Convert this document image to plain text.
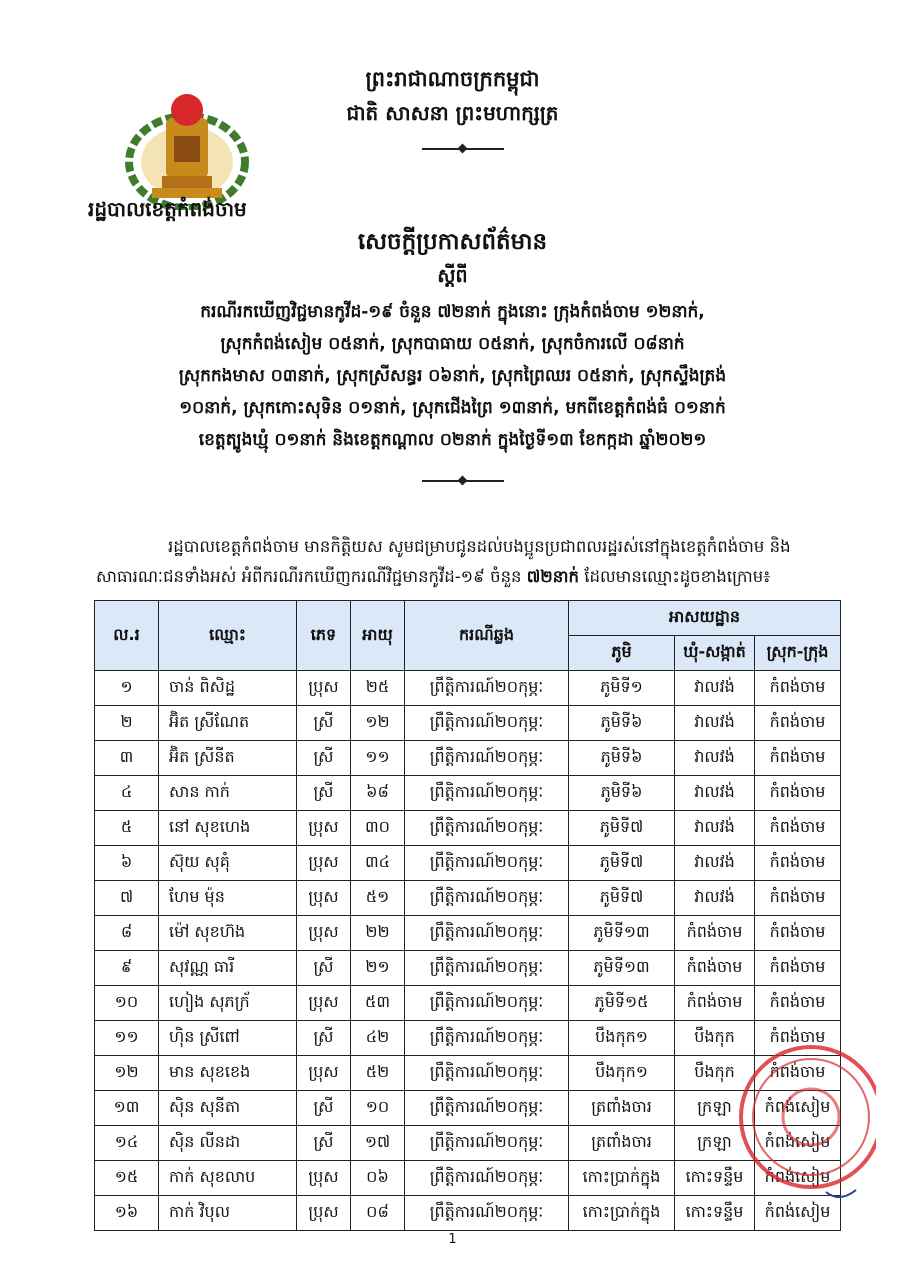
រដ្ឋបាលខេត្តកំពង់ចាម
ព្រះរាជាណាចក្រកម្ពុជា
ជាតិ សាសនា ព្រះមហាក្សត្រ
សេចក្ដីប្រកាសព័ត៌មាន
ស្ដីពី
ករណីរកឃើញវិជ្ជមានកូវីដ-១៩ ចំនួន ៧២នាក់ ក្នុងនោះ ក្រុងកំពង់ចាម ១២នាក់,
ស្រុកកំពង់សៀម ០៥នាក់, ស្រុកបាធាយ ០៥នាក់, ស្រុកចំការលើ ០៨នាក់
ស្រុកកងមាស ០៣នាក់, ស្រុកស្រីសន្ធរ ០៦នាក់, ស្រុកព្រៃឈរ ០៥នាក់, ស្រុកស្ទឹងត្រង់
១០នាក់, ស្រុកកោះសុទិន ០១នាក់, ស្រុកជើងព្រៃ ១៣នាក់, មកពីខេត្តកំពង់ធំ ០១នាក់
ខេត្តត្បូងឃ្មុំ ០១នាក់ និងខេត្តកណ្ដាល ០២នាក់ ក្នុងថ្ងៃទី១៣ ខែកក្កដា ឆ្នាំ២០២១
រដ្ឋបាលខេត្តកំពង់ចាម មានកិត្តិយស សូមជម្រាបជូនដល់បងប្អូនប្រជាពលរដ្ឋរស់នៅក្នុងខេត្តកំពង់ចាម និងសាធារណៈជនទាំងអស់ អំពីករណីរកឃើញករណីវិជ្ជមានកូវីដ-១៩ ចំនួន ៧២នាក់ ដែលមានឈ្មោះដូចខាងក្រោម៖
ល.រ	ឈ្មោះ	ភេទ	អាយុ	ករណីឆ្លង	អាសយដ្ឋាន		
					ភូមិ	ឃុំ-សង្កាត់	ស្រុក-ក្រុង
១	ចាន់ ពិសិដ្ឋ	ប្រុស	២៥	ព្រឹត្តិការណ៍២០កុម្ភៈ	ភូមិទី១	វាលវង់	កំពង់ចាម
២	អ៊ិត ស្រីណែត	ស្រី	១២	ព្រឹត្តិការណ៍២០កុម្ភៈ	ភូមិទី៦	វាលវង់	កំពង់ចាម
៣	អ៊ិត ស្រីនីត	ស្រី	១១	ព្រឹត្តិការណ៍២០កុម្ភៈ	ភូមិទី៦	វាលវង់	កំពង់ចាម
៤	សាន កាក់	ស្រី	៦៨	ព្រឹត្តិការណ៍២០កុម្ភៈ	ភូមិទី៦	វាលវង់	កំពង់ចាម
៥	នៅ សុខហេង	ប្រុស	៣០	ព្រឹត្តិការណ៍២០កុម្ភៈ	ភូមិទី៧	វាលវង់	កំពង់ចាម
៦	ស៊ុយ សុគុំ	ប្រុស	៣៤	ព្រឹត្តិការណ៍២០កុម្ភៈ	ភូមិទី៧	វាលវង់	កំពង់ចាម
៧	ហែម ម៉ុន	ប្រុស	៥១	ព្រឹត្តិការណ៍២០កុម្ភៈ	ភូមិទី៧	វាលវង់	កំពង់ចាម
៨	ម៉ៅ សុខហ៊ង	ប្រុស	២២	ព្រឹត្តិការណ៍២០កុម្ភៈ	ភូមិទី១៣	កំពង់ចាម	កំពង់ចាម
៩	សុវណ្ណ ធារី	ស្រី	២១	ព្រឹត្តិការណ៍២០កុម្ភៈ	ភូមិទី១៣	កំពង់ចាម	កំពង់ចាម
១០	ហៀង សុភក្រ័	ប្រុស	៥៣	ព្រឹត្តិការណ៍២០កុម្ភៈ	ភូមិទី១៥	កំពង់ចាម	កំពង់ចាម
១១	ហ៊ិន ស្រីពៅ	ស្រី	៤២	ព្រឹត្តិការណ៍២០កុម្ភៈ	បឹងកុក១	បឹងកុក	កំពង់ចាម
១២	មាន សុខខេង	ប្រុស	៥២	ព្រឹត្តិការណ៍២០កុម្ភៈ	បឹងកុក១	បឹងកុក	កំពង់ចាម
១៣	ស៊ិន សុនីតា	ស្រី	១០	ព្រឹត្តិការណ៍២០កុម្ភៈ	ត្រពាំងចារ	ក្រឡា	កំពង់សៀម
១៤	ស៊ិន លីនដា	ស្រី	១៧	ព្រឹត្តិការណ៍២០កុម្ភៈ	ត្រពាំងចារ	ក្រឡា	កំពង់សៀម
១៥	កាក់ សុខលាប	ប្រុស	០៦	ព្រឹត្តិការណ៍២០កុម្ភៈ	កោះប្រាក់ក្នុង	កោះទន្ទឹម	កំពង់សៀម
១៦	កាក់ វិបុល	ប្រុស	០៨	ព្រឹត្តិការណ៍២០កុម្ភៈ	កោះប្រាក់ក្នុង	កោះទន្ទឹម	កំពង់សៀម
1
